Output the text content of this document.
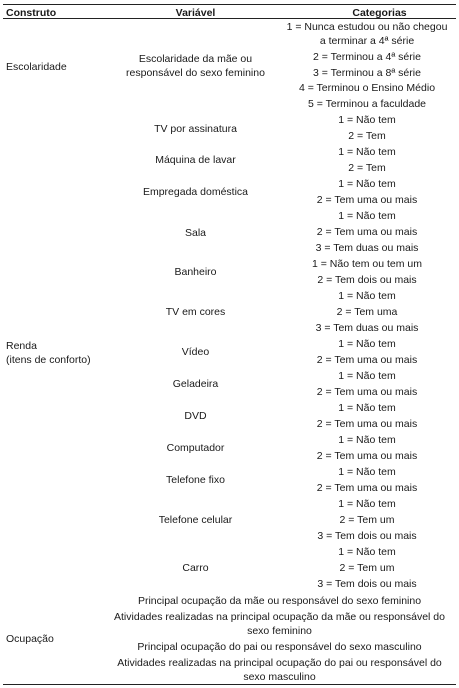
Construto	Variável	Categorias
Escolaridade
Escolaridade da mãe ou
responsável do sexo feminino
1 = Nunca estudou ou não chegou
a terminar a 4ª série
2 = Terminou a 4ª série
3 = Terminou a 8ª série
4 = Terminou o Ensino Médio
5 = Terminou a faculdade
Renda
(itens de conforto)
TV por assinatura
1 = Não tem
2 = Tem
Máquina de lavar
1 = Não tem
2 = Tem
Empregada doméstica
1 = Não tem
2 = Tem uma ou mais
Sala
1 = Não tem
2 = Tem uma ou mais
3 = Tem duas ou mais
Banheiro
1 = Não tem ou tem um
2 = Tem dois ou mais
TV em cores
1 = Não tem
2 = Tem uma
3 = Tem duas ou mais
Vídeo
1 = Não tem
2 = Tem uma ou mais
Geladeira
1 = Não tem
2 = Tem uma ou mais
DVD
1 = Não tem
2 = Tem uma ou mais
Computador
1 = Não tem
2 = Tem uma ou mais
Telefone fixo
1 = Não tem
2 = Tem uma ou mais
Telefone celular
1 = Não tem
2 = Tem um
3 = Tem dois ou mais
Carro
1 = Não tem
2 = Tem um
3 = Tem dois ou mais
Ocupação
Principal ocupação da mãe ou responsável do sexo feminino
Atividades realizadas na principal ocupação da mãe ou responsável do
sexo feminino
Principal ocupação do pai ou responsável do sexo masculino
Atividades realizadas na principal ocupação do pai ou responsável do
sexo masculino
